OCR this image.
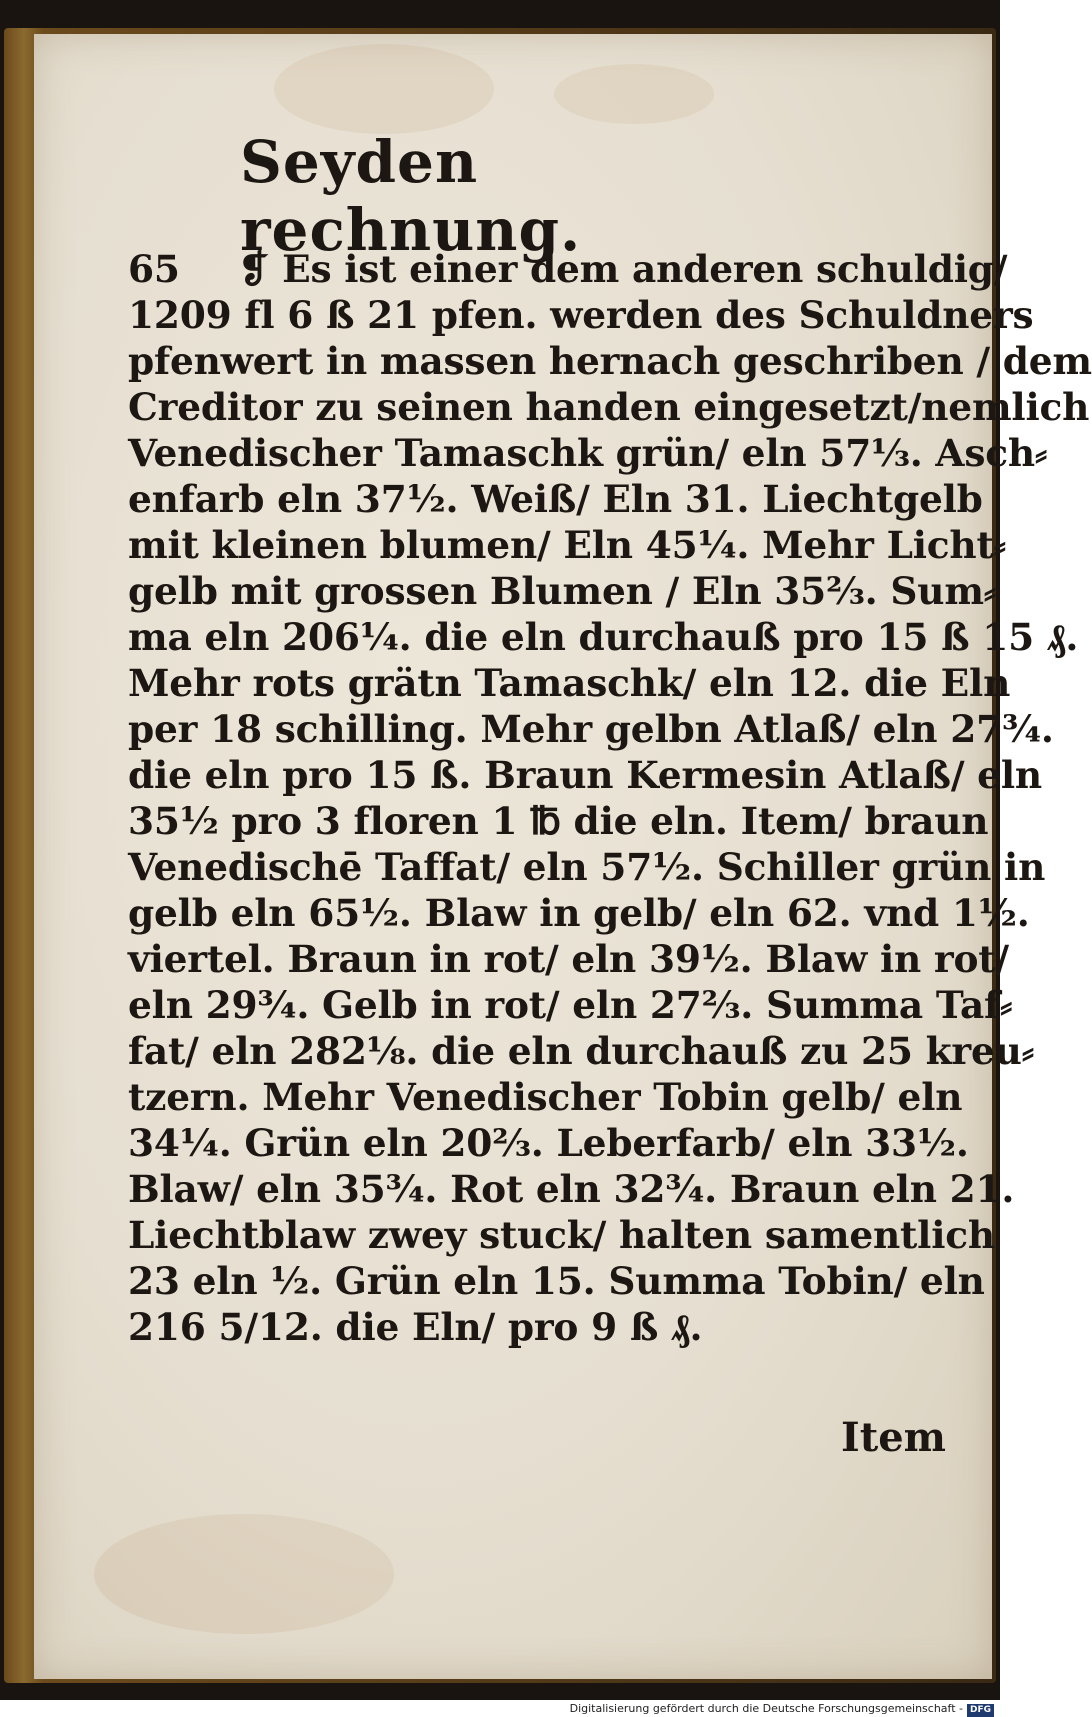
Seyden rechnung.
65 ❡ Es ist einer dem anderen schuldig/
1209 fl 6 ß 21 pfen. werden des Schuldners
pfenwert in massen hernach geschriben / dem
Creditor zu seinen handen eingesetzt/nemlich
Venedischer Tamaschk grün/ eln 57⅓. Asch⸗
enfarb eln 37½. Weiß/ Eln 31. Liechtgelb
mit kleinen blumen/ Eln 45¼. Mehr Licht⸗
gelb mit grossen Blumen / Eln 35⅔. Sum⸗
ma eln 206¼. die eln durchauß pro 15 ß 15 ₰.
Mehr rots grätn Tamaschk/ eln 12. die Eln
per 18 schilling. Mehr gelbn Atlaß/ eln 27¾.
die eln pro 15 ß. Braun Kermesin Atlaß/ eln
35½ pro 3 floren 1 ℔ die eln. Item/ braun
Venedischē Taffat/ eln 57½. Schiller grün in
gelb eln 65½. Blaw in gelb/ eln 62. vnd 1½.
viertel. Braun in rot/ eln 39½. Blaw in rot/
eln 29¾. Gelb in rot/ eln 27⅔. Summa Taf⸗
fat/ eln 282⅛. die eln durchauß zu 25 kreu⸗
tzern. Mehr Venedischer Tobin gelb/ eln
34¼. Grün eln 20⅔. Leberfarb/ eln 33½.
Blaw/ eln 35¾. Rot eln 32¾. Braun eln 21.
Liechtblaw zwey stuck/ halten samentlich
23 eln ½. Grün eln 15. Summa Tobin/ eln
216 5/12. die Eln/ pro 9 ß ₰.
Item
Digitalisierung gefördert durch die Deutsche Forschungsgemeinschaft - DFG
